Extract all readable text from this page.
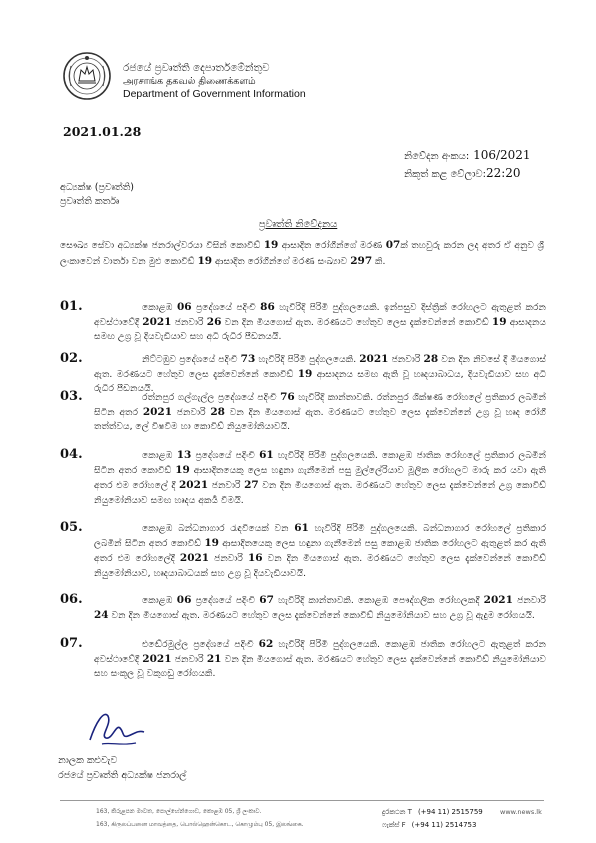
රජයේ ප්‍රවෘත්ති දෙපාර්තමේන්තුව
அரசாங்க தகவல் திணைக்களம்
Department of Government Information
2021.01.28
නිවේදන අංකය: 106/2021
නිකුත් කළ වේලාව:22:20
අධ්‍යක්ෂ (ප්‍රවෘත්ති)
ප්‍රවෘත්ති කර්තෘ
ප්‍රවෘත්ති නිවේදනය
සෞඛ්‍ය සේවා අධ්‍යක්ෂ ජනරාල්වරයා විසින් කොවිඩ් 19 ආසාදිත රෝගීන්ගේ මරණ 07ක් තහවුරු කරන ලද අතර ඒ අනුව ශ්‍රී ලංකාවෙන් වාර්තා වන මුළු කොවිඩ් 19 ආසාදිත රෝගීන්ගේ මරණ සංඛ්‍යාව 297 කි.
01.	කොළඹ 06 ප්‍රදේශයේ පදිංචි 86 හැවිරිදි පිරිමි පුද්ගලයෙකි. ඉන්පසුව දිස්ත්‍රික් රෝහලට ඇතුළත් කරන අවස්ථාවේදී 2021 ජනවාරි 26 වන දින මියගොස් ඇත. මරණයට හේතුව ලෙස දැක්වෙන්නේ කොවිඩ් 19 ආසාදනය සමඟ උග්‍ර වූ දියවැඩියාව සහ අධි රුධිර පීඩනයයි.
02.	නිට්ටඹුව ප්‍රදේශයේ පදිංචි 73 හැවිරිදි පිරිමි පුද්ගලයෙකි. 2021 ජනවාරි 28 වන දින නිවසේ දී මියගොස් ඇත. මරණයට හේතුව ලෙස දැක්වෙන්නේ කොවිඩ් 19 ආසාදනය සමඟ ඇති වූ හෘදයාබාධය, දියවැඩියාව සහ අධි රුධිර පීඩනයයි.
03.	රත්නපුර ගල්ගැල්ල ප්‍රදේශයේ පදිංචි 76 හැවිරිදි කාන්තාවකි. රත්නපුර ශික්ෂණ රෝහලේ ප්‍රතිකාර ලබමින් සිටින අතර 2021 ජනවාරි 28 වන දින මියගොස් ඇත. මරණයට හේතුව ලෙස දැක්වෙන්නේ උග්‍ර වූ හෘද රෝගී තත්ත්වය, ලේ විෂවීම හා කොවිඩ් නියුමෝනියාවයි.
04.	කොළඹ 13 ප්‍රදේශයේ පදිංචි 61 හැවිරිදි පිරිමි පුද්ගලයෙකි. කොළඹ ජාතික රෝහලේ ප්‍රතිකාර ලබමින් සිටින අතර කොවිඩ් 19 ආසාදිතයෙකු ලෙස හඳුනා ගැනීමෙන් පසු මුල්ලේරියාව මූලික රෝහලට මාරු කර යවා ඇති අතර එම රෝහලේ දී 2021 ජනවාරි 27 වන දින මියගොස් ඇත. මරණයට හේතුව ලෙස දැක්වෙන්නේ උග්‍ර කොවිඩ් නියුමෝනියාව සමඟ හෘදය අකර්‍ය වීමයි.
05.	කොළඹ බන්ධනාගාර රැඳවියෙක් වන 61 හැවිරිදි පිරිමි පුද්ගලයෙකි. බන්ධනාගාර රෝහලේ ප්‍රතිකාර ලබමින් සිටින අතර කොවිඩ් 19 ආසාදිතයෙකු ලෙස හඳුනා ගැනීමෙන් පසු කොළඹ ජාතික රෝහලට ඇතුළත් කර ඇති අතර එම රෝහලේදී 2021 ජනවාරි 16 වන දින මියගොස් ඇත. මරණයට හේතුව ලෙස දැක්වෙන්නේ කොවිඩ් නියුමෝනියාව, හෘදයාබාධයක් සහ උග්‍ර වූ දියවැඩියාවයි.
06.	කොළඹ 06 ප්‍රදේශයේ පදිංචි 67 හැවිරිදි කාන්තාවකි. කොළඹ පෞද්ගලික රෝහලකදී 2021 ජනවාරි 24 වන දින මියගොස් ඇත. මරණයට හේතුව ලෙස දැක්වෙන්නේ කොවිඩ් නියුමෝනියාව සහ උග්‍ර වූ ඇදුම රෝගයයි.
07.	එඬේරමුල්ල ප්‍රදේශයේ පදිංචි 62 හැවිරිදි පිරිමි පුද්ගලයෙකි. කොළඹ ජාතික රෝහලට ඇතුළත් කරන අවස්ථාවේදී 2021 ජනවාරි 21 වන දින මියගොස් ඇත. මරණයට හේතුව ලෙස දැක්වෙන්නේ කොවිඩ් නියුමෝනියාව සහ සංකූල වූ වකුගඩු රෝගයකි.
නාලක කළුවැව
රජයේ ප්‍රවෘත්ති අධ්‍යක්ෂ ජනරාල්
163, කිරුළපන මාවත, පොල්හේන්ගොඩ, කොළඹ 05, ශ්‍රී ලංකාව.
163, கிருலப்பனை மாவத்தை, பொல்ஹென்கொட, கொழும்பு 05, இலங்கை.
දුරකථන T (+94 11) 2515759
ෆැක්ස් F (+94 11) 2514753
www.news.lk
